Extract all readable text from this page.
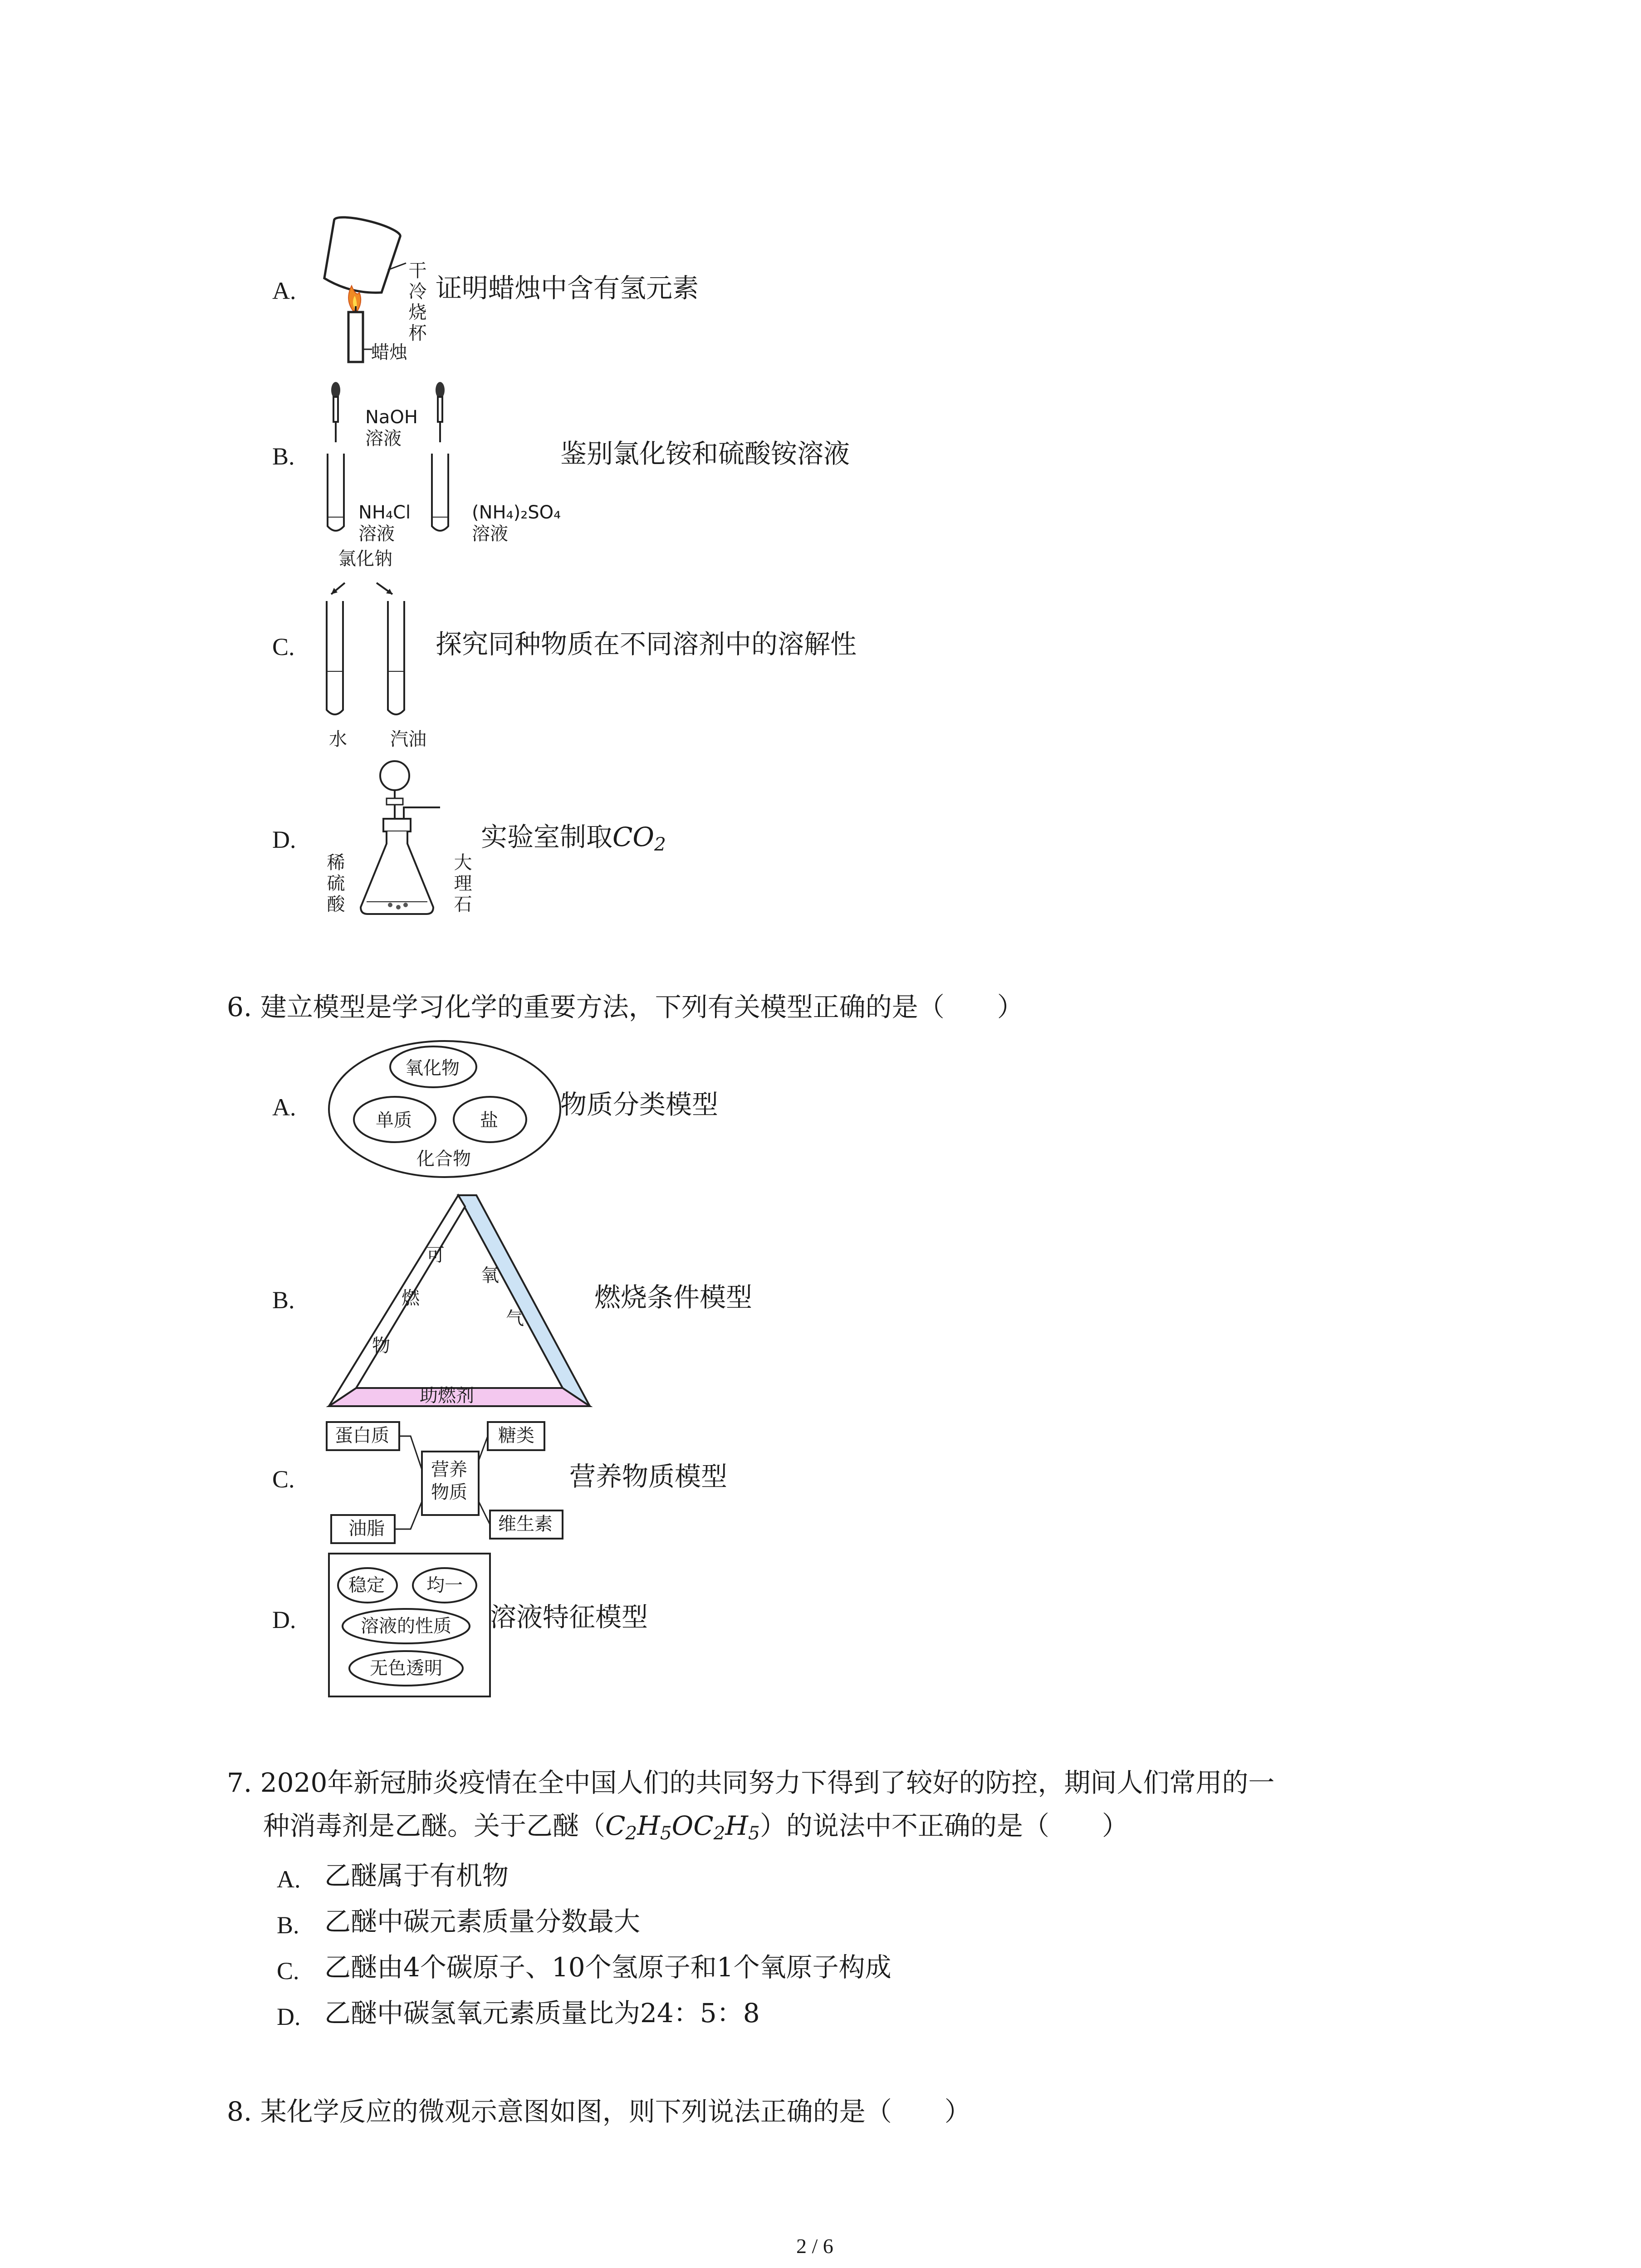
A.	干冷烧杯
蜡烛
证明蜡烛中含有氢元素
B.
NaOH
溶液
NH₄Cl
溶液
(NH₄)₂SO₄
溶液
鉴别氯化铵和硫酸铵溶液
C.
氯化钠
水 汽油
探究同种物质在不同溶剂中的溶解性
D.
稀硫酸	大理石
实验室制取$CO_2$
6. 建立模型是学习化学的重要方法，下列有关模型正确的是（　　）
A.
氧化物
单质	盐
化合物
物质分类模型
B.
可
燃
物
氧
气
助燃剂
燃烧条件模型
C.
蛋白质	糖类
营养
物质
油脂	维生素
营养物质模型
D.
稳定 均一
溶液的性质
无色透明
溶液特征模型
7. 2020年新冠肺炎疫情在全中国人们的共同努力下得到了较好的防控，期间人们常用的一
种消毒剂是乙醚。关于乙醚$(C_2H_5OC_2H_5)$的说法中不正确的是（　　）
A. 乙醚属于有机物
B. 乙醚中碳元素质量分数最大
C. 乙醚由4个碳原子、10个氢原子和1个氧原子构成
D. 乙醚中碳氢氧元素质量比为24：5：8
8. 某化学反应的微观示意图如图，则下列说法正确的是（　　）
2 / 6
